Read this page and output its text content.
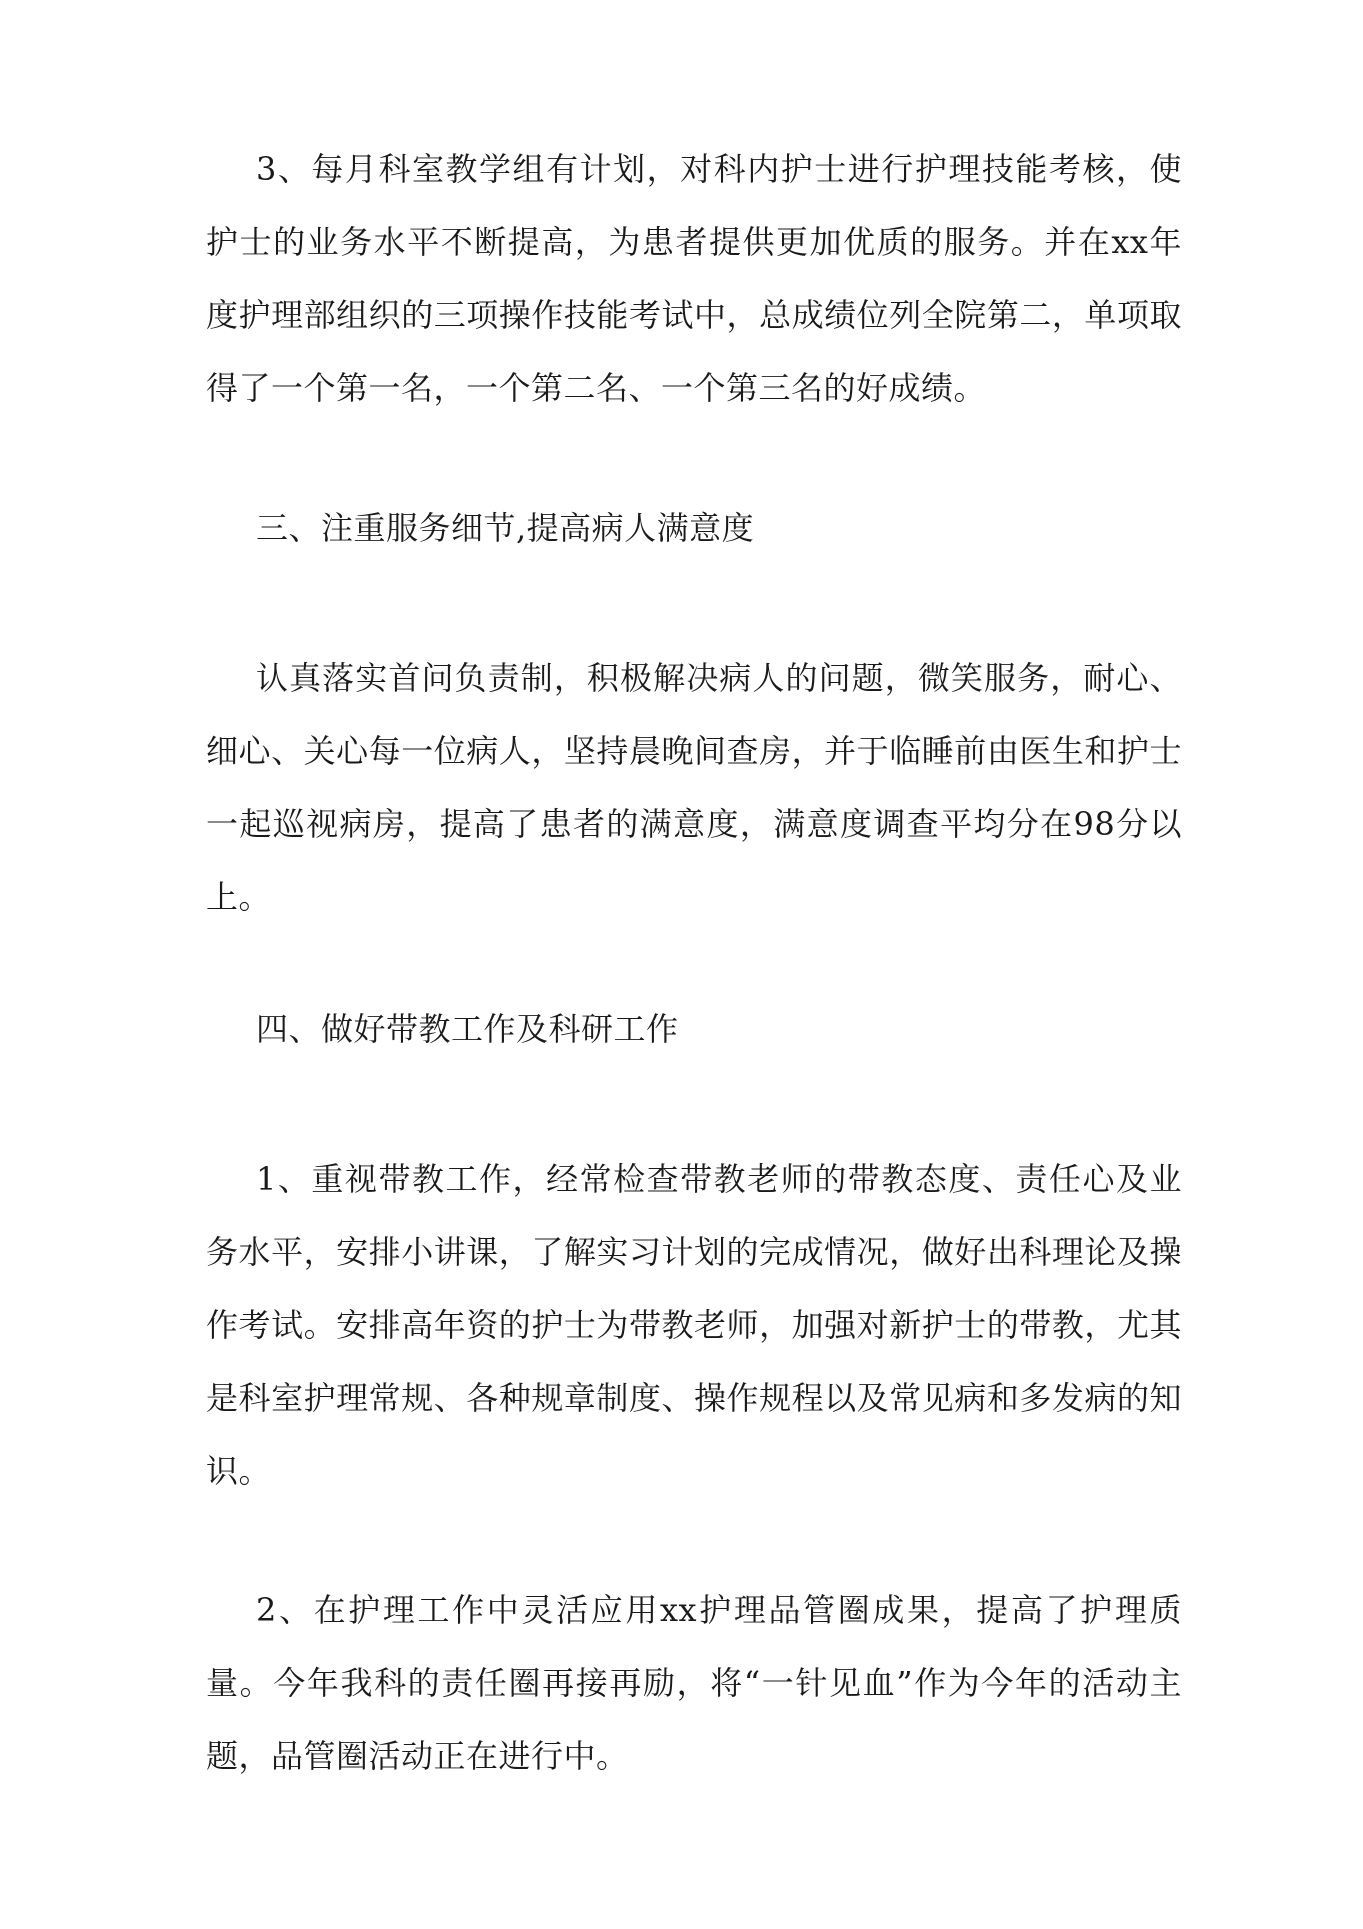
3、每月科室教学组有计划，对科内护士进行护理技能考核，使护士的业务水平不断提高，为患者提供更加优质的服务。并在xx年度护理部组织的三项操作技能考试中，总成绩位列全院第二，单项取得了一个第一名，一个第二名、一个第三名的好成绩。

三、注重服务细节,提高病人满意度

认真落实首问负责制，积极解决病人的问题，微笑服务，耐心、细心、关心每一位病人，坚持晨晚间查房，并于临睡前由医生和护士一起巡视病房，提高了患者的满意度，满意度调查平均分在98分以上。

四、做好带教工作及科研工作

1、重视带教工作，经常检查带教老师的带教态度、责任心及业务水平，安排小讲课，了解实习计划的完成情况，做好出科理论及操作考试。安排高年资的护士为带教老师，加强对新护士的带教，尤其是科室护理常规、各种规章制度、操作规程以及常见病和多发病的知识。

2、在护理工作中灵活应用xx护理品管圈成果，提高了护理质量。今年我科的责任圈再接再励，将“一针见血”作为今年的活动主题，品管圈活动正在进行中。
